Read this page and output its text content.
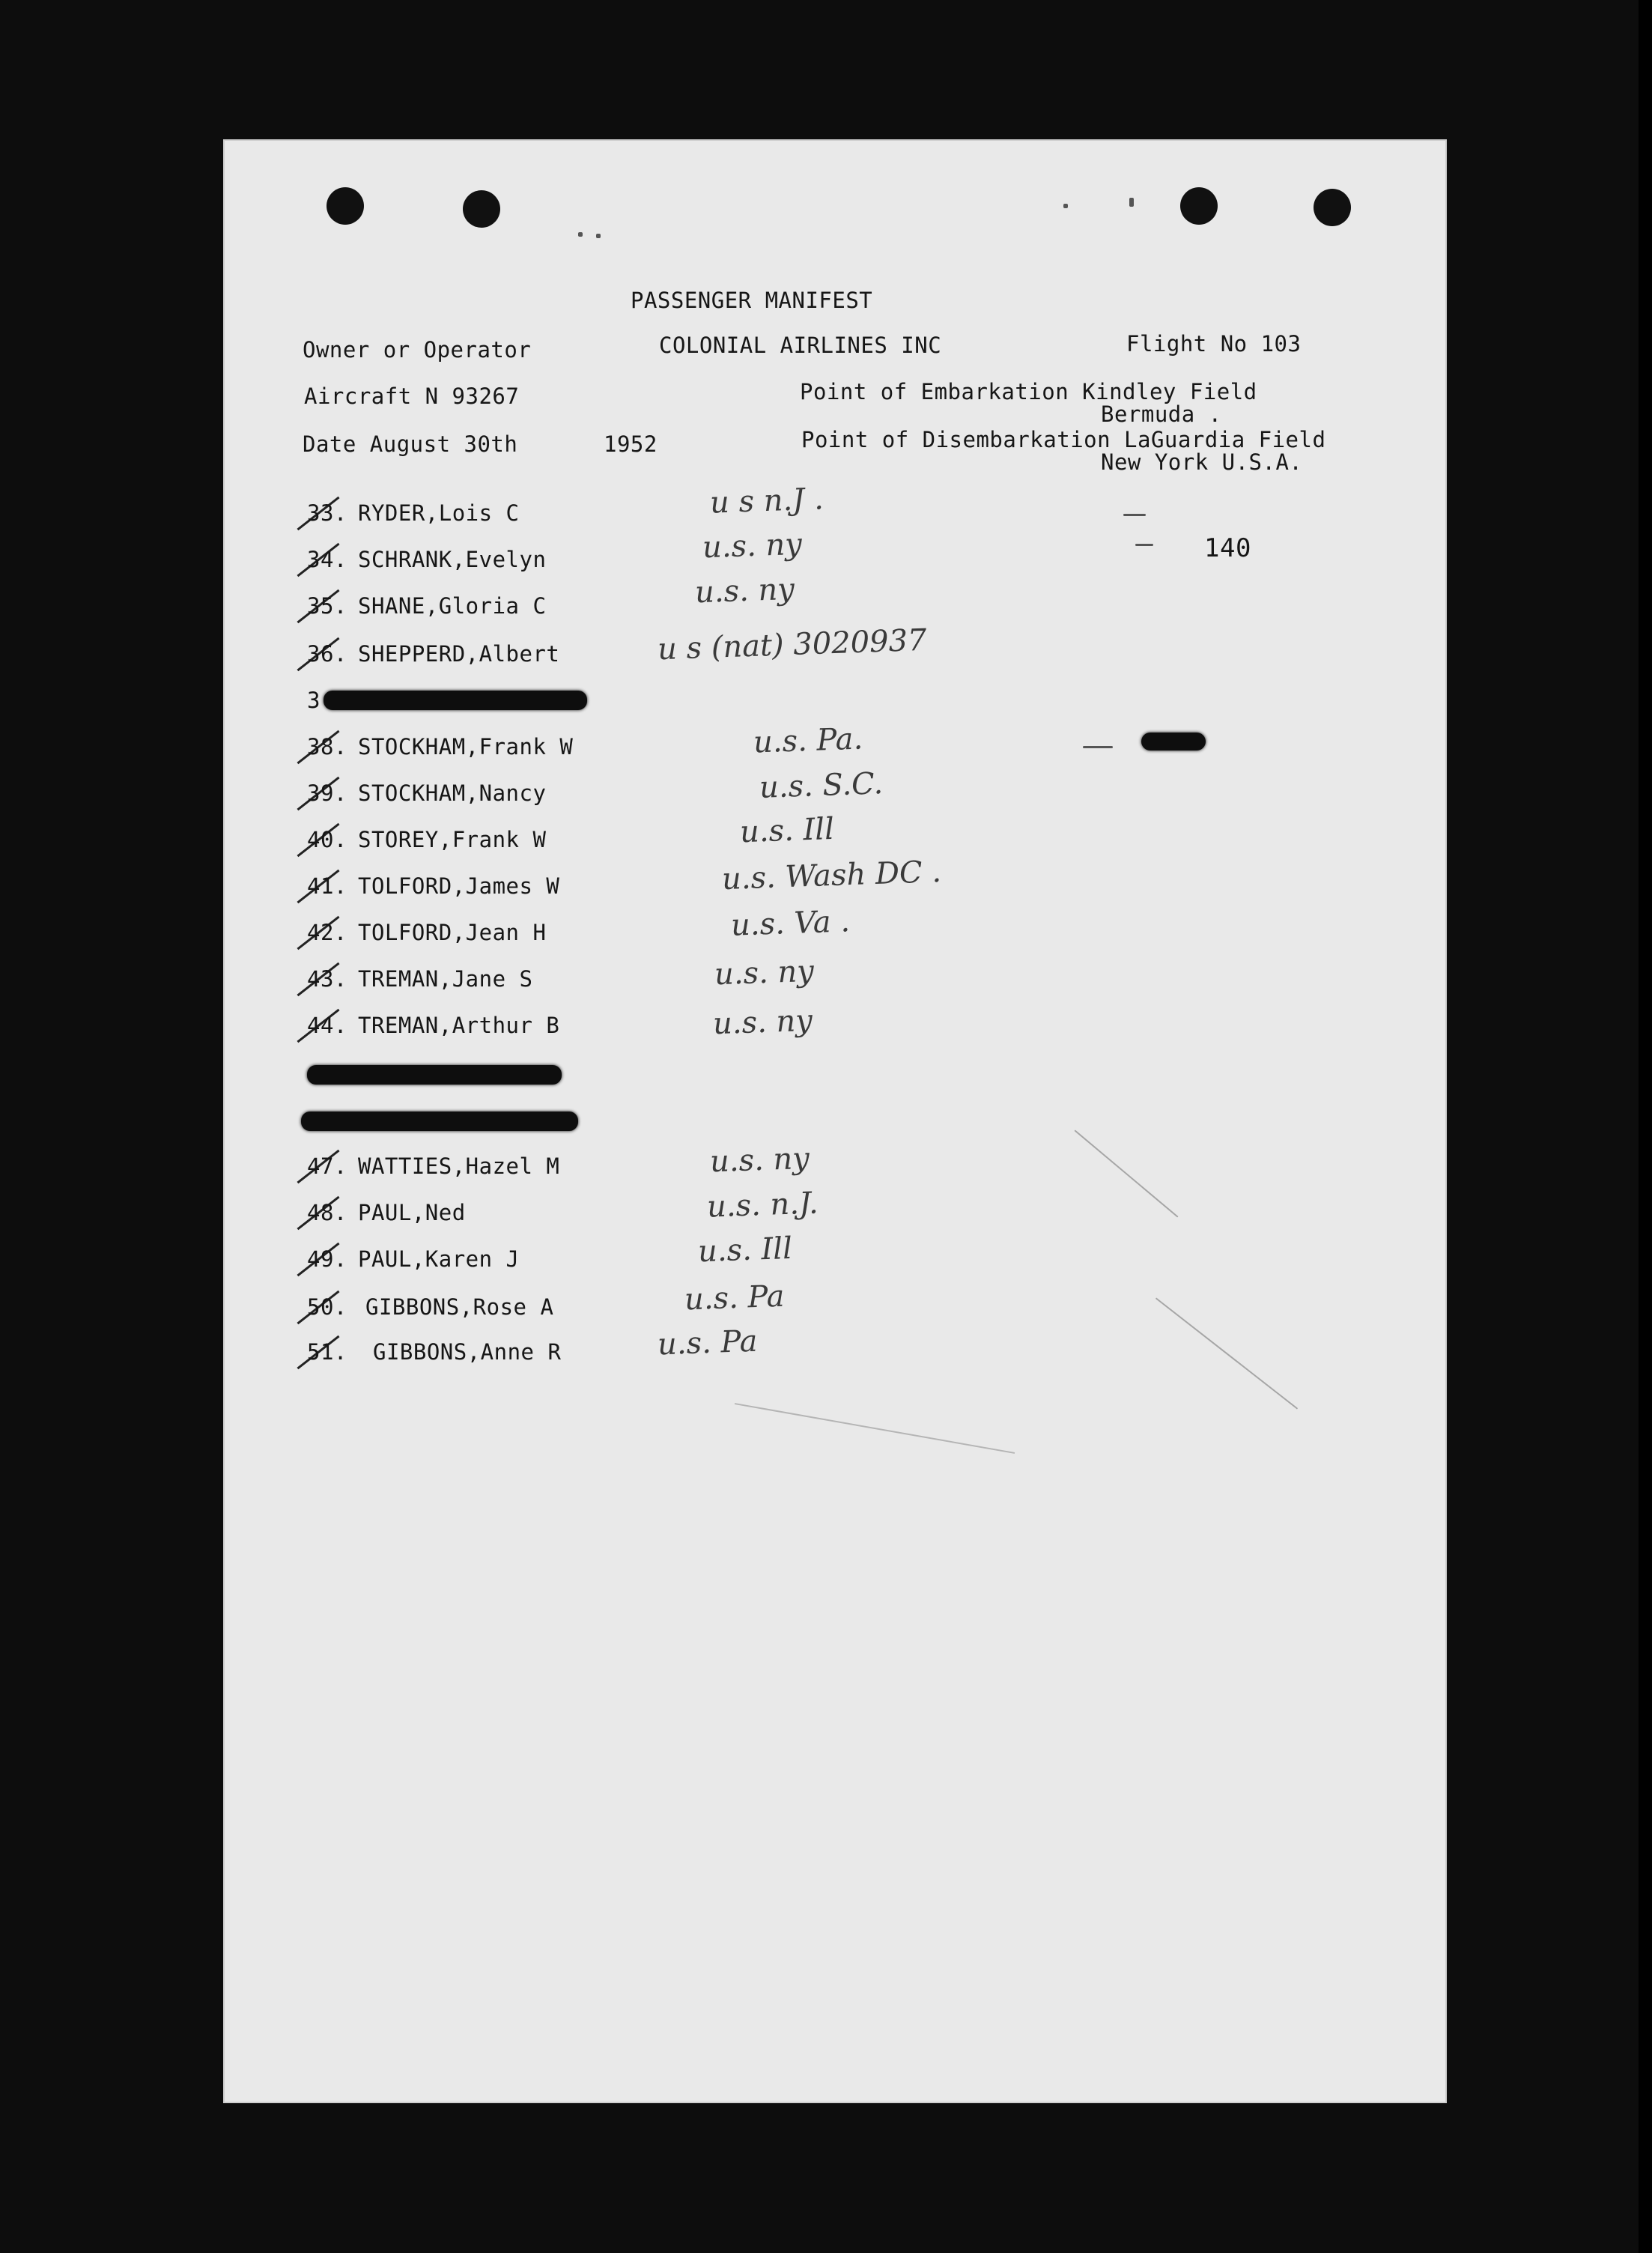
PASSENGER MANIFEST
Owner or Operator	COLONIAL AIRLINES INC	Flight No 103
Aircraft N 93267	Point of Embarkation Kindley Field
Bermuda .
Date August 30th	1952	Point of Disembarkation LaGuardia Field
New York U.S.A.
140
33. RYDER,Lois C	u s n.J .
34. SCHRANK,Evelyn	u.s. ny
35. SHANE,Gloria C	u.s. ny
36. SHEPPERD,Albert	u s (nat) 3020937
3
38. STOCKHAM,Frank W	u.s. Pa.
39. STOCKHAM,Nancy	u.s. S.C.
40. STOREY,Frank W	u.s. Ill
41. TOLFORD,James W	u.s. Wash DC .
42. TOLFORD,Jean H	u.s. Va .
43. TREMAN,Jane S	u.s. ny
44. TREMAN,Arthur B	u.s. ny
47. WATTIES,Hazel M	u.s. ny
48. PAUL,Ned	u.s. n.J.
49. PAUL,Karen J	u.s. Ill
50. GIBBONS,Rose A	u.s. Pa
51. GIBBONS,Anne R	u.s. Pa
